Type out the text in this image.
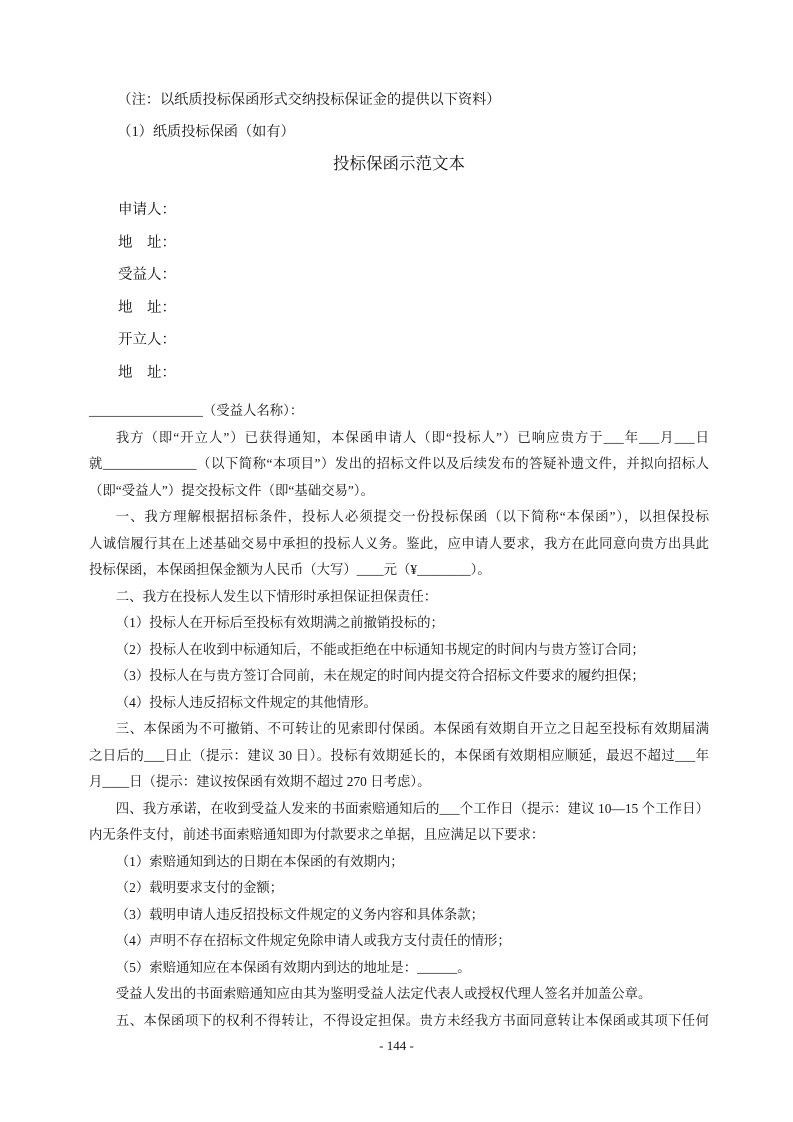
（注：以纸质投标保函形式交纳投标保证金的提供以下资料）

（1）纸质投标保函（如有）

投标保函示范文本

申请人：

地　址：

受益人：

地　址：

开立人：

地　址：

_________________（受益人名称）：

我方（即“开立人”）已获得通知，本保函申请人（即“投标人”）已响应贵方于___年___月___日

就______________（以下简称“本项目”）发出的招标文件以及后续发布的答疑补遗文件，并拟向招标人

（即“受益人”）提交投标文件（即“基础交易”）。

一、我方理解根据招标条件，投标人必须提交一份投标保函（以下简称“本保函”），以担保投标

人诚信履行其在上述基础交易中承担的投标人义务。鉴此，应申请人要求，我方在此同意向贵方出具此

投标保函，本保函担保金额为人民币（大写）____元（¥________）。

二、我方在投标人发生以下情形时承担保证担保责任：

（1）投标人在开标后至投标有效期满之前撤销投标的；

（2）投标人在收到中标通知后，不能或拒绝在中标通知书规定的时间内与贵方签订合同；

（3）投标人在与贵方签订合同前，未在规定的时间内提交符合招标文件要求的履约担保；

（4）投标人违反招标文件规定的其他情形。

三、本保函为不可撤销、不可转让的见索即付保函。本保函有效期自开立之日起至投标有效期届满

之日后的___日止（提示：建议 30 日）。投标有效期延长的，本保函有效期相应顺延，最迟不超过___年

月____日（提示：建议按保函有效期不超过 270 日考虑）。

四、我方承诺，在收到受益人发来的书面索赔通知后的___个工作日（提示：建议 10—15 个工作日）

内无条件支付，前述书面索赔通知即为付款要求之单据，且应满足以下要求：

（1）索赔通知到达的日期在本保函的有效期内；

（2）载明要求支付的金额；

（3）载明申请人违反招投标文件规定的义务内容和具体条款；

（4）声明不存在招标文件规定免除申请人或我方支付责任的情形；

（5）索赔通知应在本保函有效期内到达的地址是：______。

受益人发出的书面索赔通知应由其为鉴明受益人法定代表人或授权代理人签名并加盖公章。

五、本保函项下的权利不得转让，不得设定担保。贵方未经我方书面同意转让本保函或其项下任何

- 144 -
